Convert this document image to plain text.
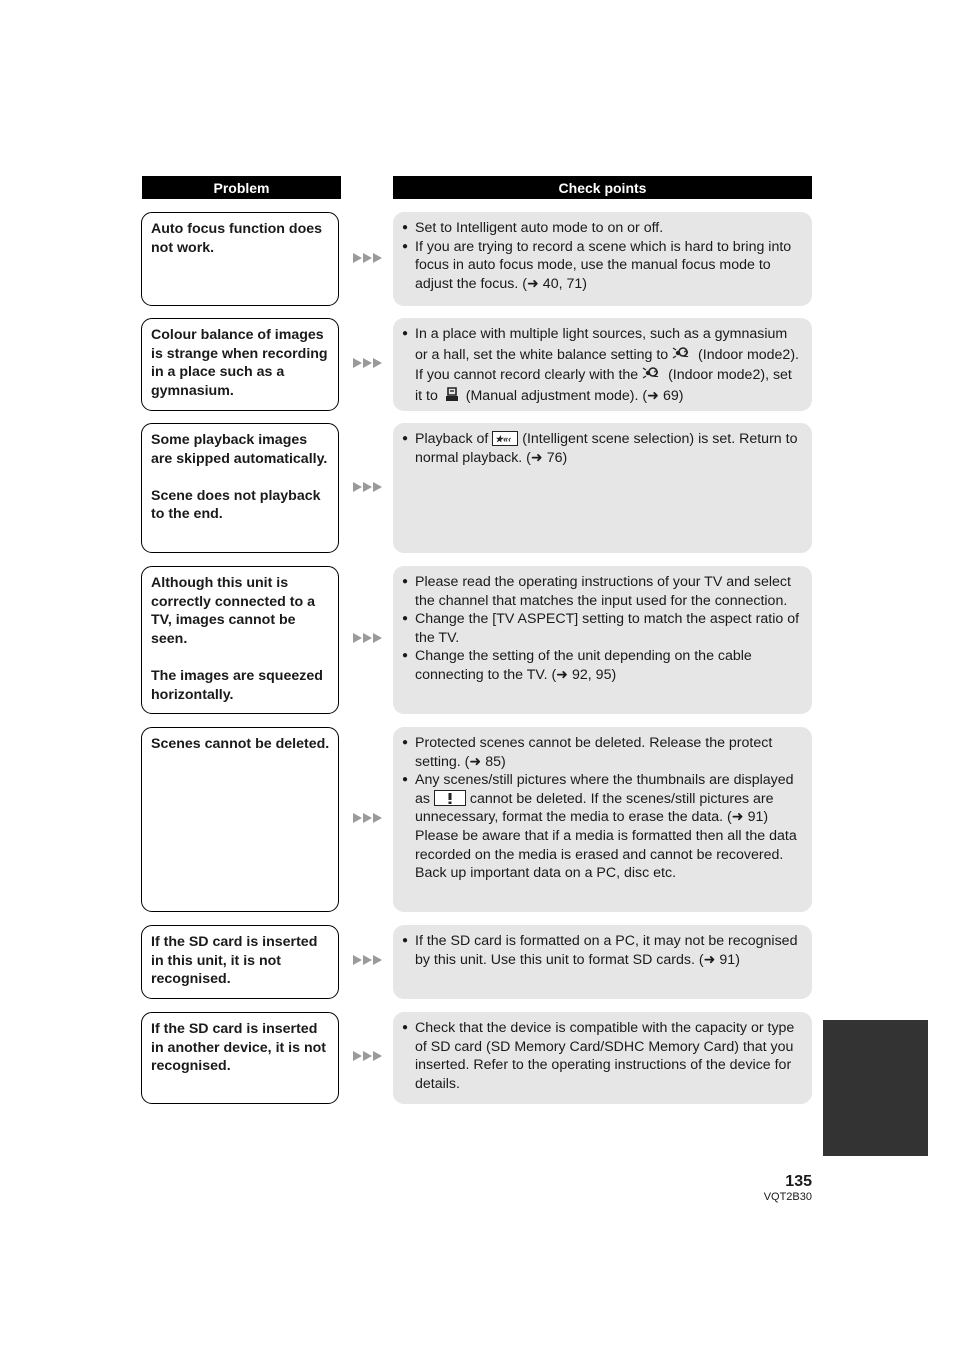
Problem	Check points

Auto focus function does not work.

● Set to Intelligent auto mode to on or off.
● If you are trying to record a scene which is hard to bring into focus in auto focus mode, use the manual focus mode to adjust the focus. (➜ 40, 71)

Colour balance of images is strange when recording in a place such as a gymnasium.

● In a place with multiple light sources, such as a gymnasium or a hall, set the white balance setting to 2 (Indoor mode2). If you cannot record clearly with the 2 (Indoor mode2), set it to  (Manual adjustment mode). (➜ 69)

Some playback images are skipped automatically.

Scene does not playback to the end.

● Playback of ★«‹ (Intelligent scene selection) is set. Return to normal playback. (➜ 76)

Although this unit is correctly connected to a TV, images cannot be seen.

The images are squeezed horizontally.

● Please read the operating instructions of your TV and select the channel that matches the input used for the connection.
● Change the [TV ASPECT] setting to match the aspect ratio of the TV.
● Change the setting of the unit depending on the cable connecting to the TV. (➜ 92, 95)

Scenes cannot be deleted.	● Protected scenes cannot be deleted. Release the protect setting. (➜ 85)
● Any scenes/still pictures where the thumbnails are displayed as  cannot be deleted. If the scenes/still pictures are unnecessary, format the media to erase the data. (➜ 91) Please be aware that if a media is formatted then all the data recorded on the media is erased and cannot be recovered. Back up important data on a PC, disc etc.

If the SD card is inserted in this unit, it is not recognised.

● If the SD card is formatted on a PC, it may not be recognised by this unit. Use this unit to format SD cards. (➜ 91)

If the SD card is inserted in another device, it is not recognised.

● Check that the device is compatible with the capacity or type of SD card (SD Memory Card/SDHC Memory Card) that you inserted. Refer to the operating instructions of the device for details.
135
VQT2B30
